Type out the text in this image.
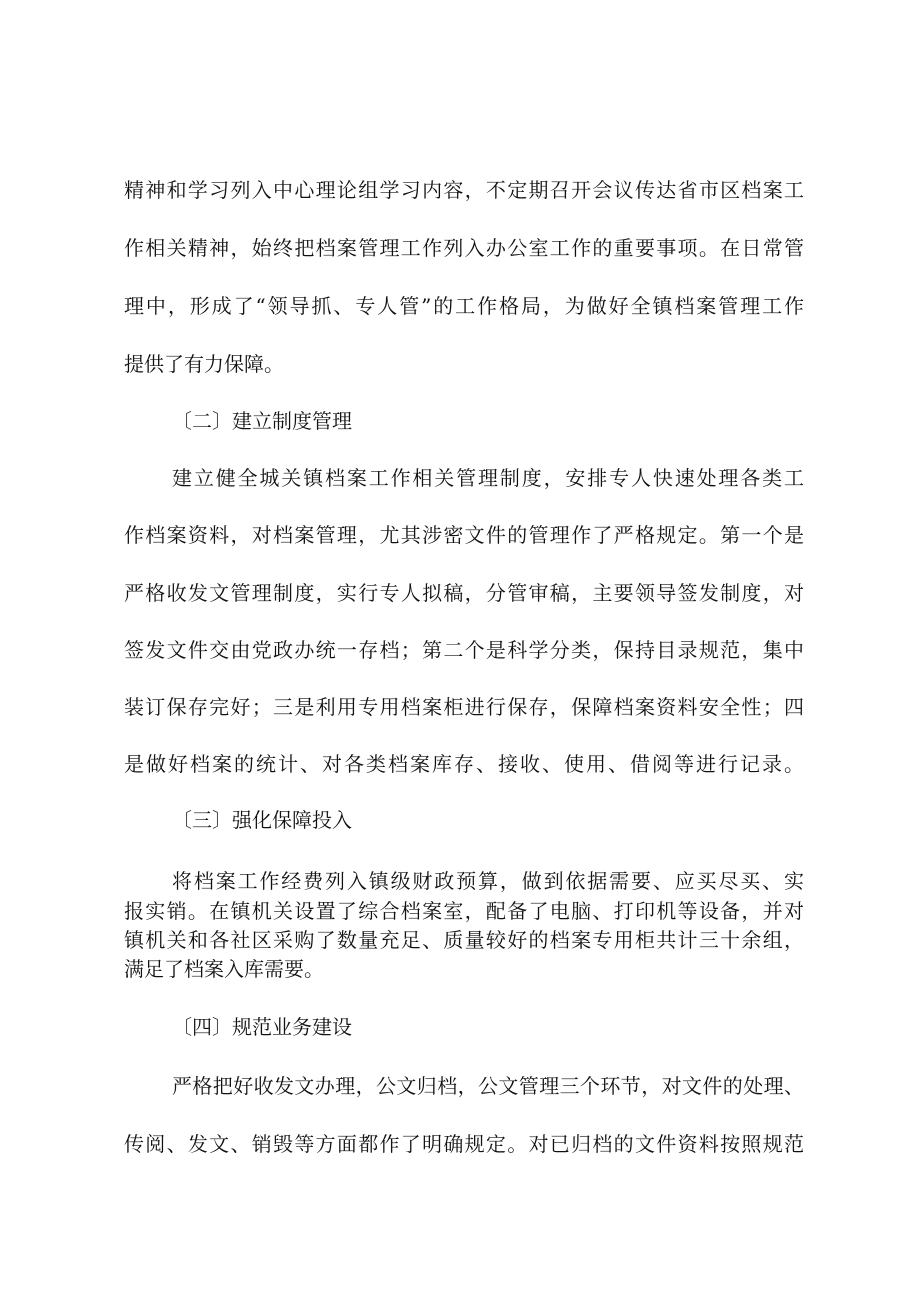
精神和学习列入中心理论组学习内容，不定期召开会议传达省市区档案工
作相关精神，始终把档案管理工作列入办公室工作的重要事项。在日常管
理中，形成了“领导抓、专人管”的工作格局，为做好全镇档案管理工作
提供了有力保障。
〔二〕建立制度管理
建立健全城关镇档案工作相关管理制度，安排专人快速处理各类工
作档案资料，对档案管理，尤其涉密文件的管理作了严格规定。第一个是
严格收发文管理制度，实行专人拟稿，分管审稿，主要领导签发制度，对
签发文件交由党政办统一存档；第二个是科学分类，保持目录规范，集中
装订保存完好；三是利用专用档案柜进行保存，保障档案资料安全性；四
是做好档案的统计、对各类档案库存、接收、使用、借阅等进行记录。
〔三〕强化保障投入
将档案工作经费列入镇级财政预算，做到依据需要、应买尽买、实
报实销。在镇机关设置了综合档案室，配备了电脑、打印机等设备，并对
镇机关和各社区采购了数量充足、质量较好的档案专用柜共计三十余组，
满足了档案入库需要。
〔四〕规范业务建设
严格把好收发文办理，公文归档，公文管理三个环节，对文件的处理、
传阅、发文、销毁等方面都作了明确规定。对已归档的文件资料按照规范
